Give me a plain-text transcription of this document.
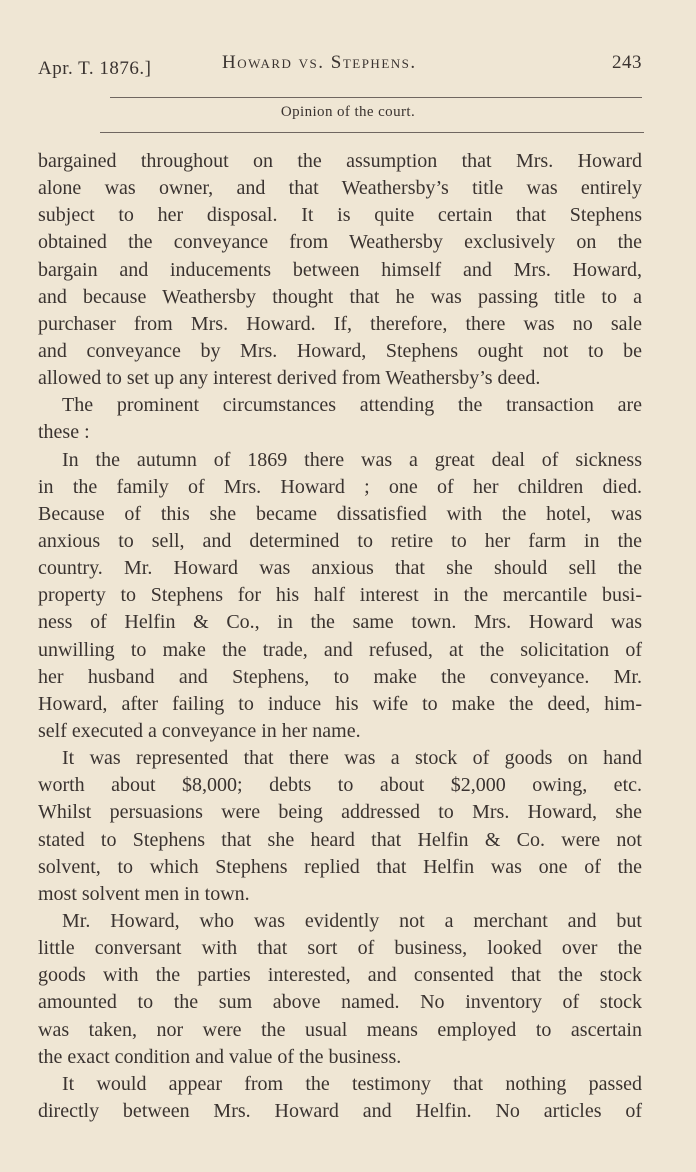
Apr. T. 1876.]	Howard vs. Stephens.	243
Opinion of the court.
bargained throughout on the assumption that Mrs. Howard
alone was owner, and that Weathersby’s title was entirely
subject to her disposal. It is quite certain that Stephens
obtained the conveyance from Weathersby exclusively on the
bargain and inducements between himself and Mrs. Howard,
and because Weathersby thought that he was passing title to a
purchaser from Mrs. Howard. If, therefore, there was no sale
and conveyance by Mrs. Howard, Stephens ought not to be
allowed to set up any interest derived from Weathersby’s deed.
The prominent circumstances attending the transaction are
these :
In the autumn of 1869 there was a great deal of sickness
in the family of Mrs. Howard ; one of her children died.
Because of this she became dissatisfied with the hotel, was
anxious to sell, and determined to retire to her farm in the
country. Mr. Howard was anxious that she should sell the
property to Stephens for his half interest in the mercantile busi-
ness of Helfin & Co., in the same town. Mrs. Howard was
unwilling to make the trade, and refused, at the solicitation of
her husband and Stephens, to make the conveyance. Mr.
Howard, after failing to induce his wife to make the deed, him-
self executed a conveyance in her name.
It was represented that there was a stock of goods on hand
worth about $8,000; debts to about $2,000 owing, etc.
Whilst persuasions were being addressed to Mrs. Howard, she
stated to Stephens that she heard that Helfin & Co. were not
solvent, to which Stephens replied that Helfin was one of the
most solvent men in town.
Mr. Howard, who was evidently not a merchant and but
little conversant with that sort of business, looked over the
goods with the parties interested, and consented that the stock
amounted to the sum above named. No inventory of stock
was taken, nor were the usual means employed to ascertain
the exact condition and value of the business.
It would appear from the testimony that nothing passed
directly between Mrs. Howard and Helfin. No articles of
